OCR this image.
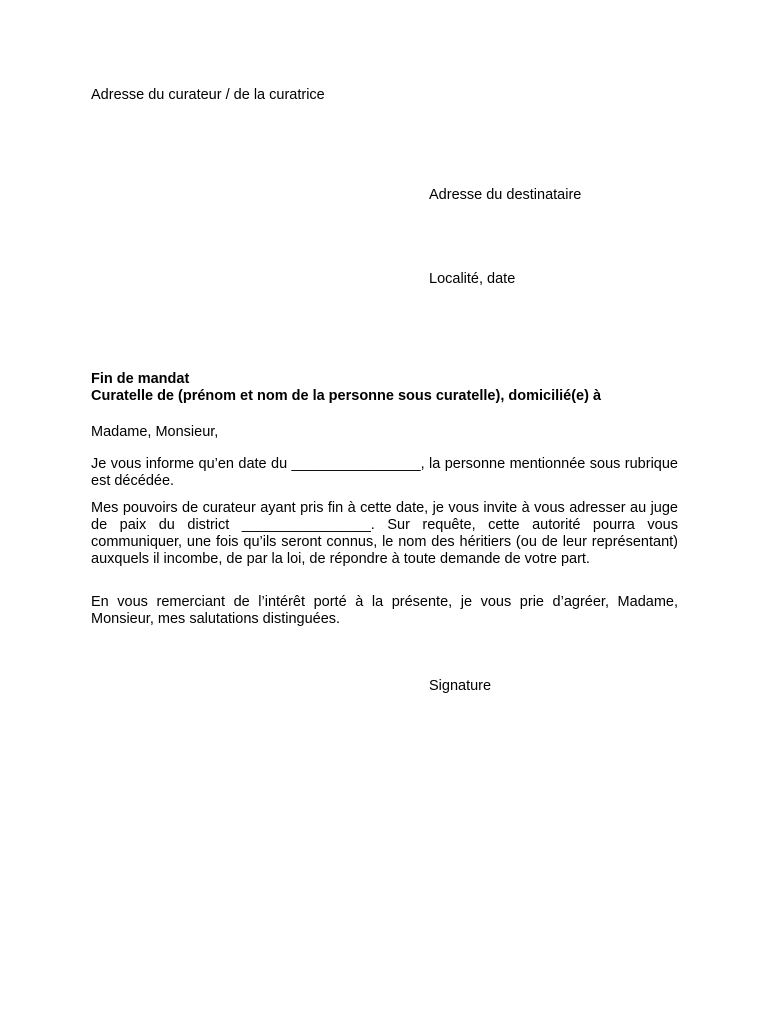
Adresse du curateur / de la curatrice

Adresse du destinataire

Localité, date

Fin de mandat
Curatelle de (prénom et nom de la personne sous curatelle), domicilié(e) à

Madame, Monsieur,

Je vous informe qu’en date du ________________, la personne mentionnée sous rubrique est décédée.

Mes pouvoirs de curateur ayant pris fin à cette date, je vous invite à vous adresser au juge de paix du district ________________. Sur requête, cette autorité pourra vous communiquer, une fois qu’ils seront connus, le nom des héritiers (ou de leur représentant) auxquels il incombe, de par la loi, de répondre à toute demande de votre part.

En vous remerciant de l’intérêt porté à la présente, je vous prie d’agréer, Madame, Monsieur, mes salutations distinguées.

Signature
